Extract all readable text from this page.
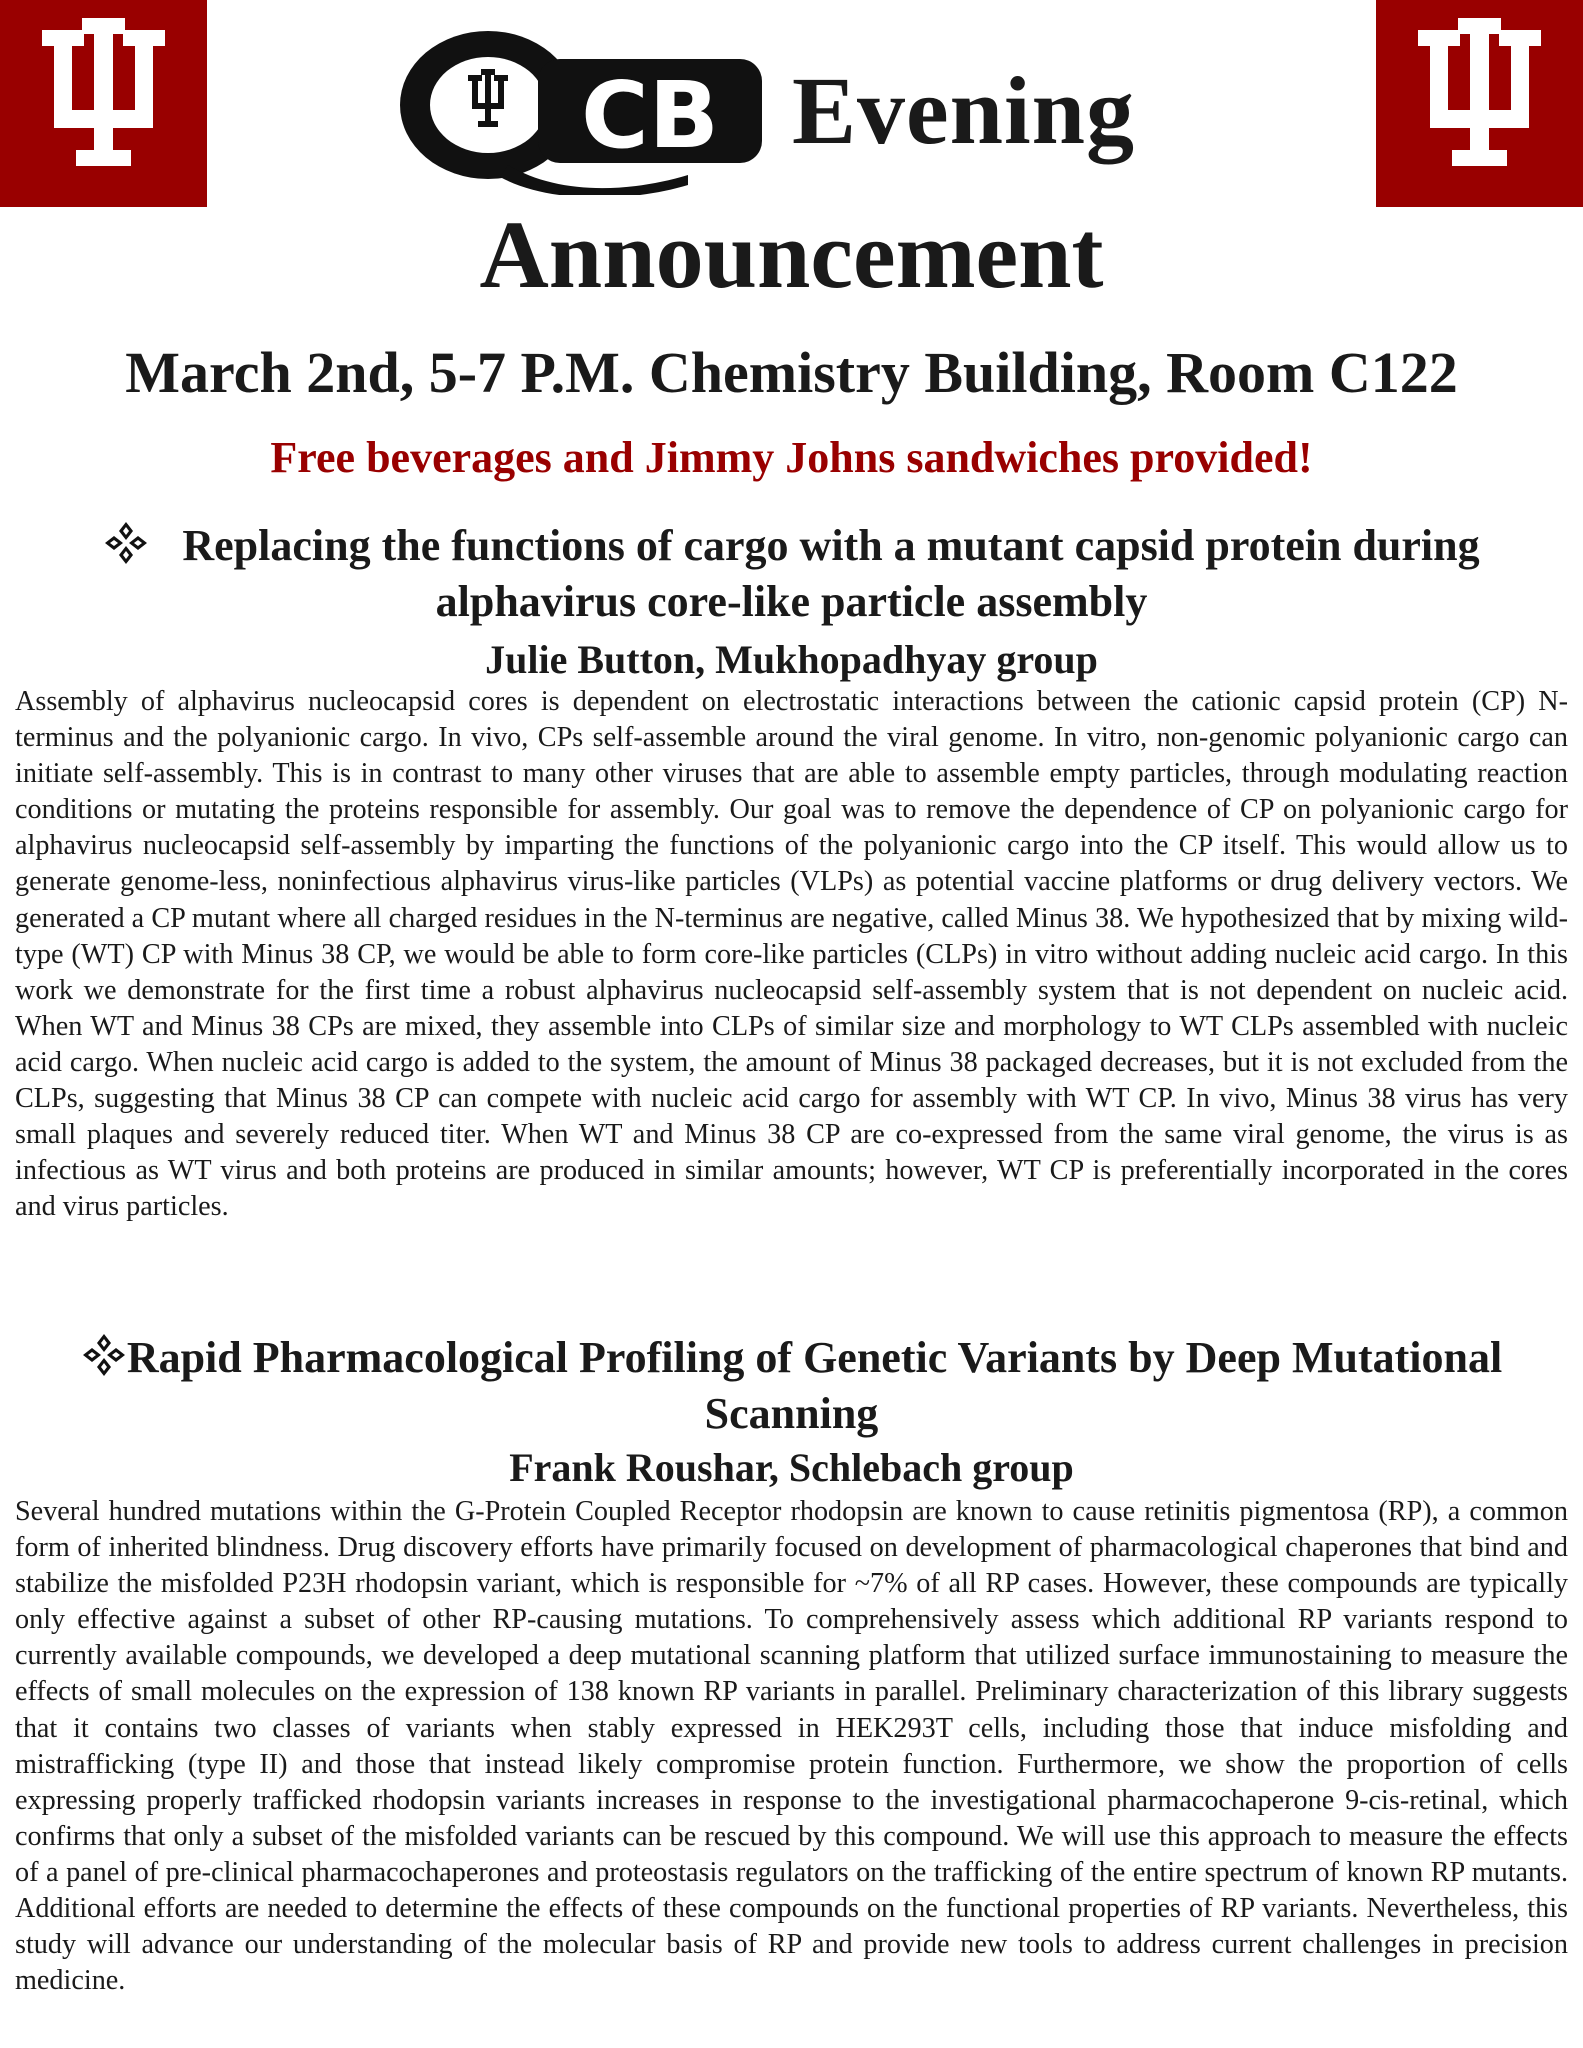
CB Evening
Announcement
March 2nd, 5-7 P.M. Chemistry Building, Room C122
Free beverages and Jimmy Johns sandwiches provided!
Replacing the functions of cargo with a mutant capsid protein during alphavirus core-like particle assembly
Julie Button, Mukhopadhyay group
Assembly of alphavirus nucleocapsid cores is dependent on electrostatic interactions between the cationic capsid protein (CP) N-terminus and the polyanionic cargo. In vivo, CPs self-assemble around the viral genome. In vitro, non-genomic polyanionic cargo can initiate self-assembly. This is in contrast to many other viruses that are able to assemble empty particles, through modulating reaction conditions or mutating the proteins responsible for assembly. Our goal was to remove the dependence of CP on polyanionic cargo for alphavirus nucleocapsid self-assembly by imparting the functions of the polyanionic cargo into the CP itself. This would allow us to generate genome-less, noninfectious alphavirus virus-like particles (VLPs) as potential vaccine platforms or drug delivery vectors. We generated a CP mutant where all charged residues in the N-terminus are negative, called Minus 38. We hypothesized that by mixing wild-type (WT) CP with Minus 38 CP, we would be able to form core-like particles (CLPs) in vitro without adding nucleic acid cargo. In this work we demonstrate for the first time a robust alphavirus nucleocapsid self-assembly system that is not dependent on nucleic acid. When WT and Minus 38 CPs are mixed, they assemble into CLPs of similar size and morphology to WT CLPs assembled with nucleic acid cargo. When nucleic acid cargo is added to the system, the amount of Minus 38 packaged decreases, but it is not excluded from the CLPs, suggesting that Minus 38 CP can compete with nucleic acid cargo for assembly with WT CP. In vivo, Minus 38 virus has very small plaques and severely reduced titer. When WT and Minus 38 CP are co-expressed from the same viral genome, the virus is as infectious as WT virus and both proteins are produced in similar amounts; however, WT CP is preferentially incorporated in the cores and virus particles.
Rapid Pharmacological Profiling of Genetic Variants by Deep Mutational Scanning
Frank Roushar, Schlebach group
Several hundred mutations within the G-Protein Coupled Receptor rhodopsin are known to cause retinitis pigmentosa (RP), a common form of inherited blindness. Drug discovery efforts have primarily focused on development of pharmacological chaperones that bind and stabilize the misfolded P23H rhodopsin variant, which is responsible for ~7% of all RP cases. However, these compounds are typically only effective against a subset of other RP-causing mutations. To comprehensively assess which additional RP variants respond to currently available compounds, we developed a deep mutational scanning platform that utilized surface immunostaining to measure the effects of small molecules on the expression of 138 known RP variants in parallel. Preliminary characterization of this library suggests that it contains two classes of variants when stably expressed in HEK293T cells, including those that induce misfolding and mistrafficking (type II) and those that instead likely compromise protein function. Furthermore, we show the proportion of cells expressing properly trafficked rhodopsin variants increases in response to the investigational pharmacochaperone 9-cis-retinal, which confirms that only a subset of the misfolded variants can be rescued by this compound. We will use this approach to measure the effects of a panel of pre-clinical pharmacochaperones and proteostasis regulators on the trafficking of the entire spectrum of known RP mutants. Additional efforts are needed to determine the effects of these compounds on the functional properties of RP variants. Nevertheless, this study will advance our understanding of the molecular basis of RP and provide new tools to address current challenges in precision medicine.
